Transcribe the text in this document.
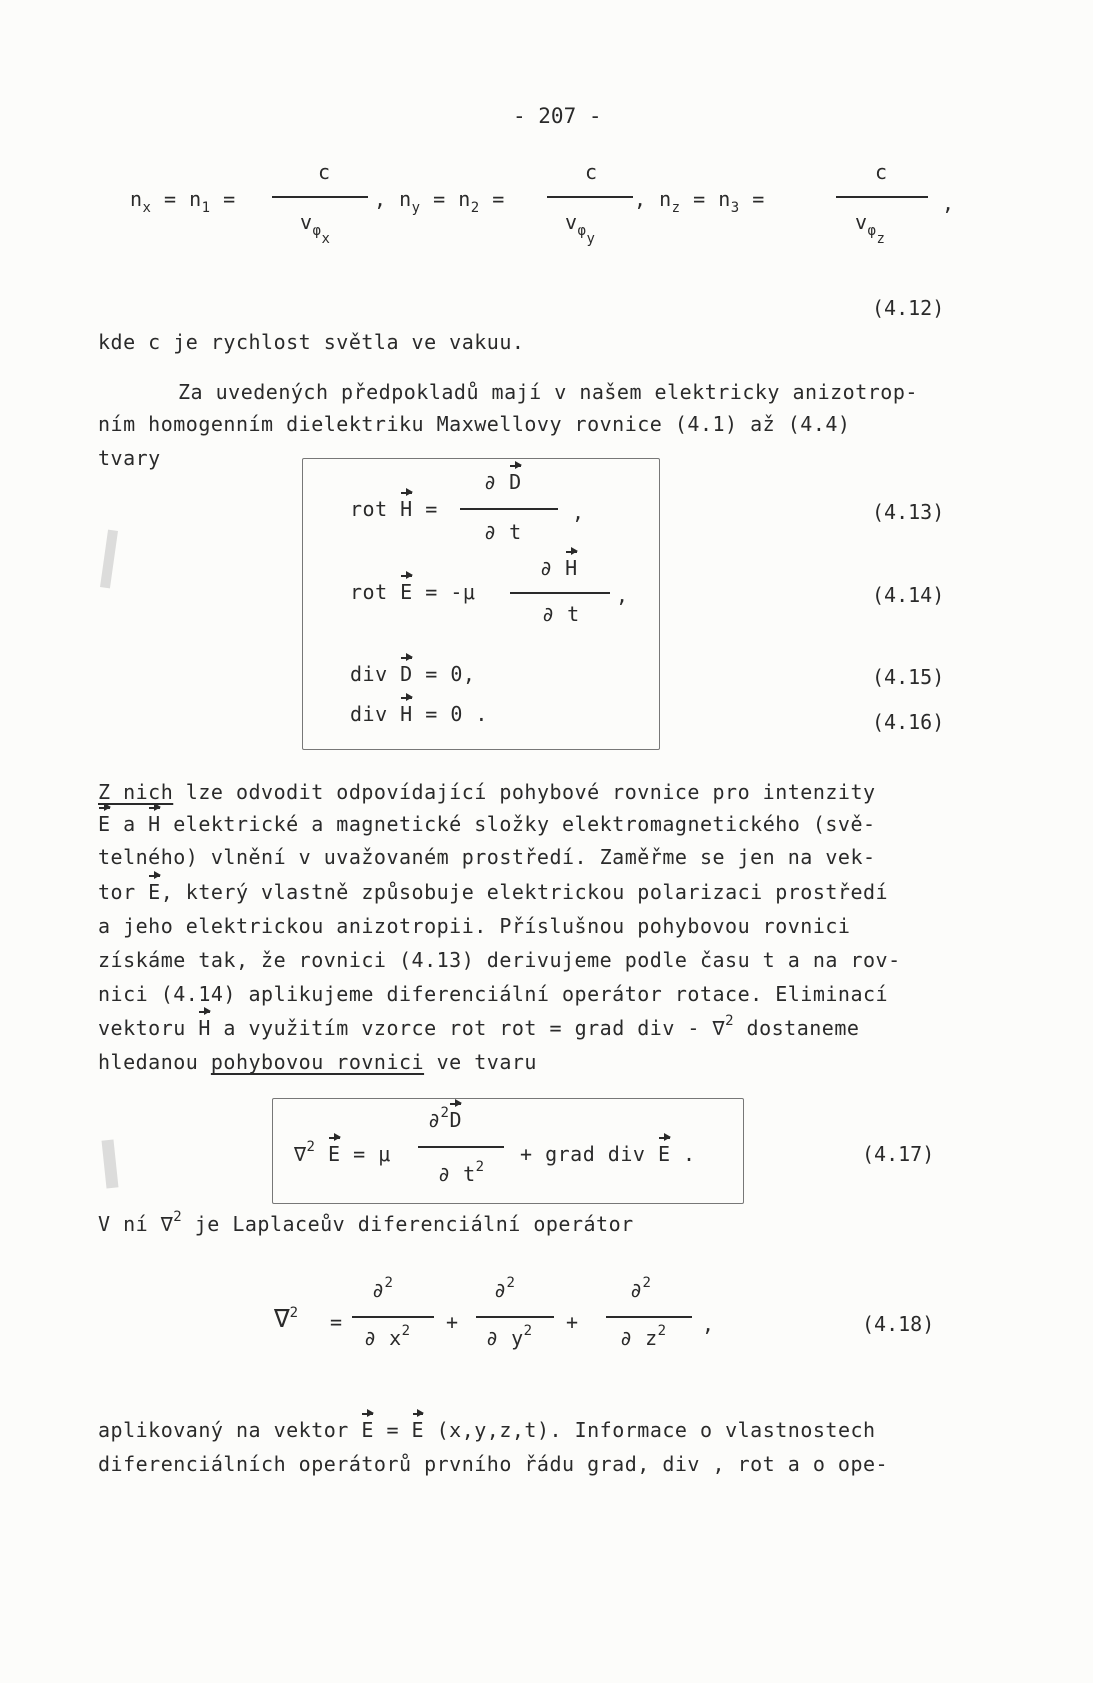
- 207 -
$n_x = n_1$ =
c
$v_{\varphi x}$
, $n_y = n_2$ =
c
$v_{\varphi y}$
, $n_z = n_3$ =
c
$v_{\varphi z}$
,
(4.12)
kde c je rychlost světla ve vakuu.
Za uvedených předpokladů mají v našem elektricky anizotrop-
ním homogenním dielektriku Maxwellovy rovnice (4.1) až (4.4)
tvary
rot H =
∂ D
∂ t
,	(4.13)
rot E = -μ
∂ H
∂ t
,	(4.14)
div D = 0,	(4.15)
div H = 0 .	(4.16)
Z nich lze odvodit odpovídající pohybové rovnice pro intenzity
E a H elektrické a magnetické složky elektromagnetického (svě-
telného) vlnění v uvažovaném prostředí. Zaměřme se jen na vek-
tor E, který vlastně způsobuje elektrickou polarizaci prostředí
a jeho elektrickou anizotropii. Příslušnou pohybovou rovnici
získáme tak, že rovnici (4.13) derivujeme podle času t a na rov-
nici (4.14) aplikujeme diferenciální operátor rotace. Eliminací
vektoru H a využitím vzorce rot rot = grad div - ∇$^2$ dostaneme
hledanou pohybovou rovnici ve tvaru
∇$^2$ E = μ
∂$^2$D
∂ $t^2$
+ grad div E .	(4.17)
V ní ∇$^2$ je Laplaceův diferenciální operátor
∇$^2$ =
∂$^2$
∂ $x^2$ +
∂$^2$
∂ $y^2$ +
∂$^2$
∂ $z^2$ ,	(4.18)
aplikovaný na vektor E = E (x,y,z,t). Informace o vlastnostech
diferenciálních operátorů prvního řádu grad, div , rot a o ope-
